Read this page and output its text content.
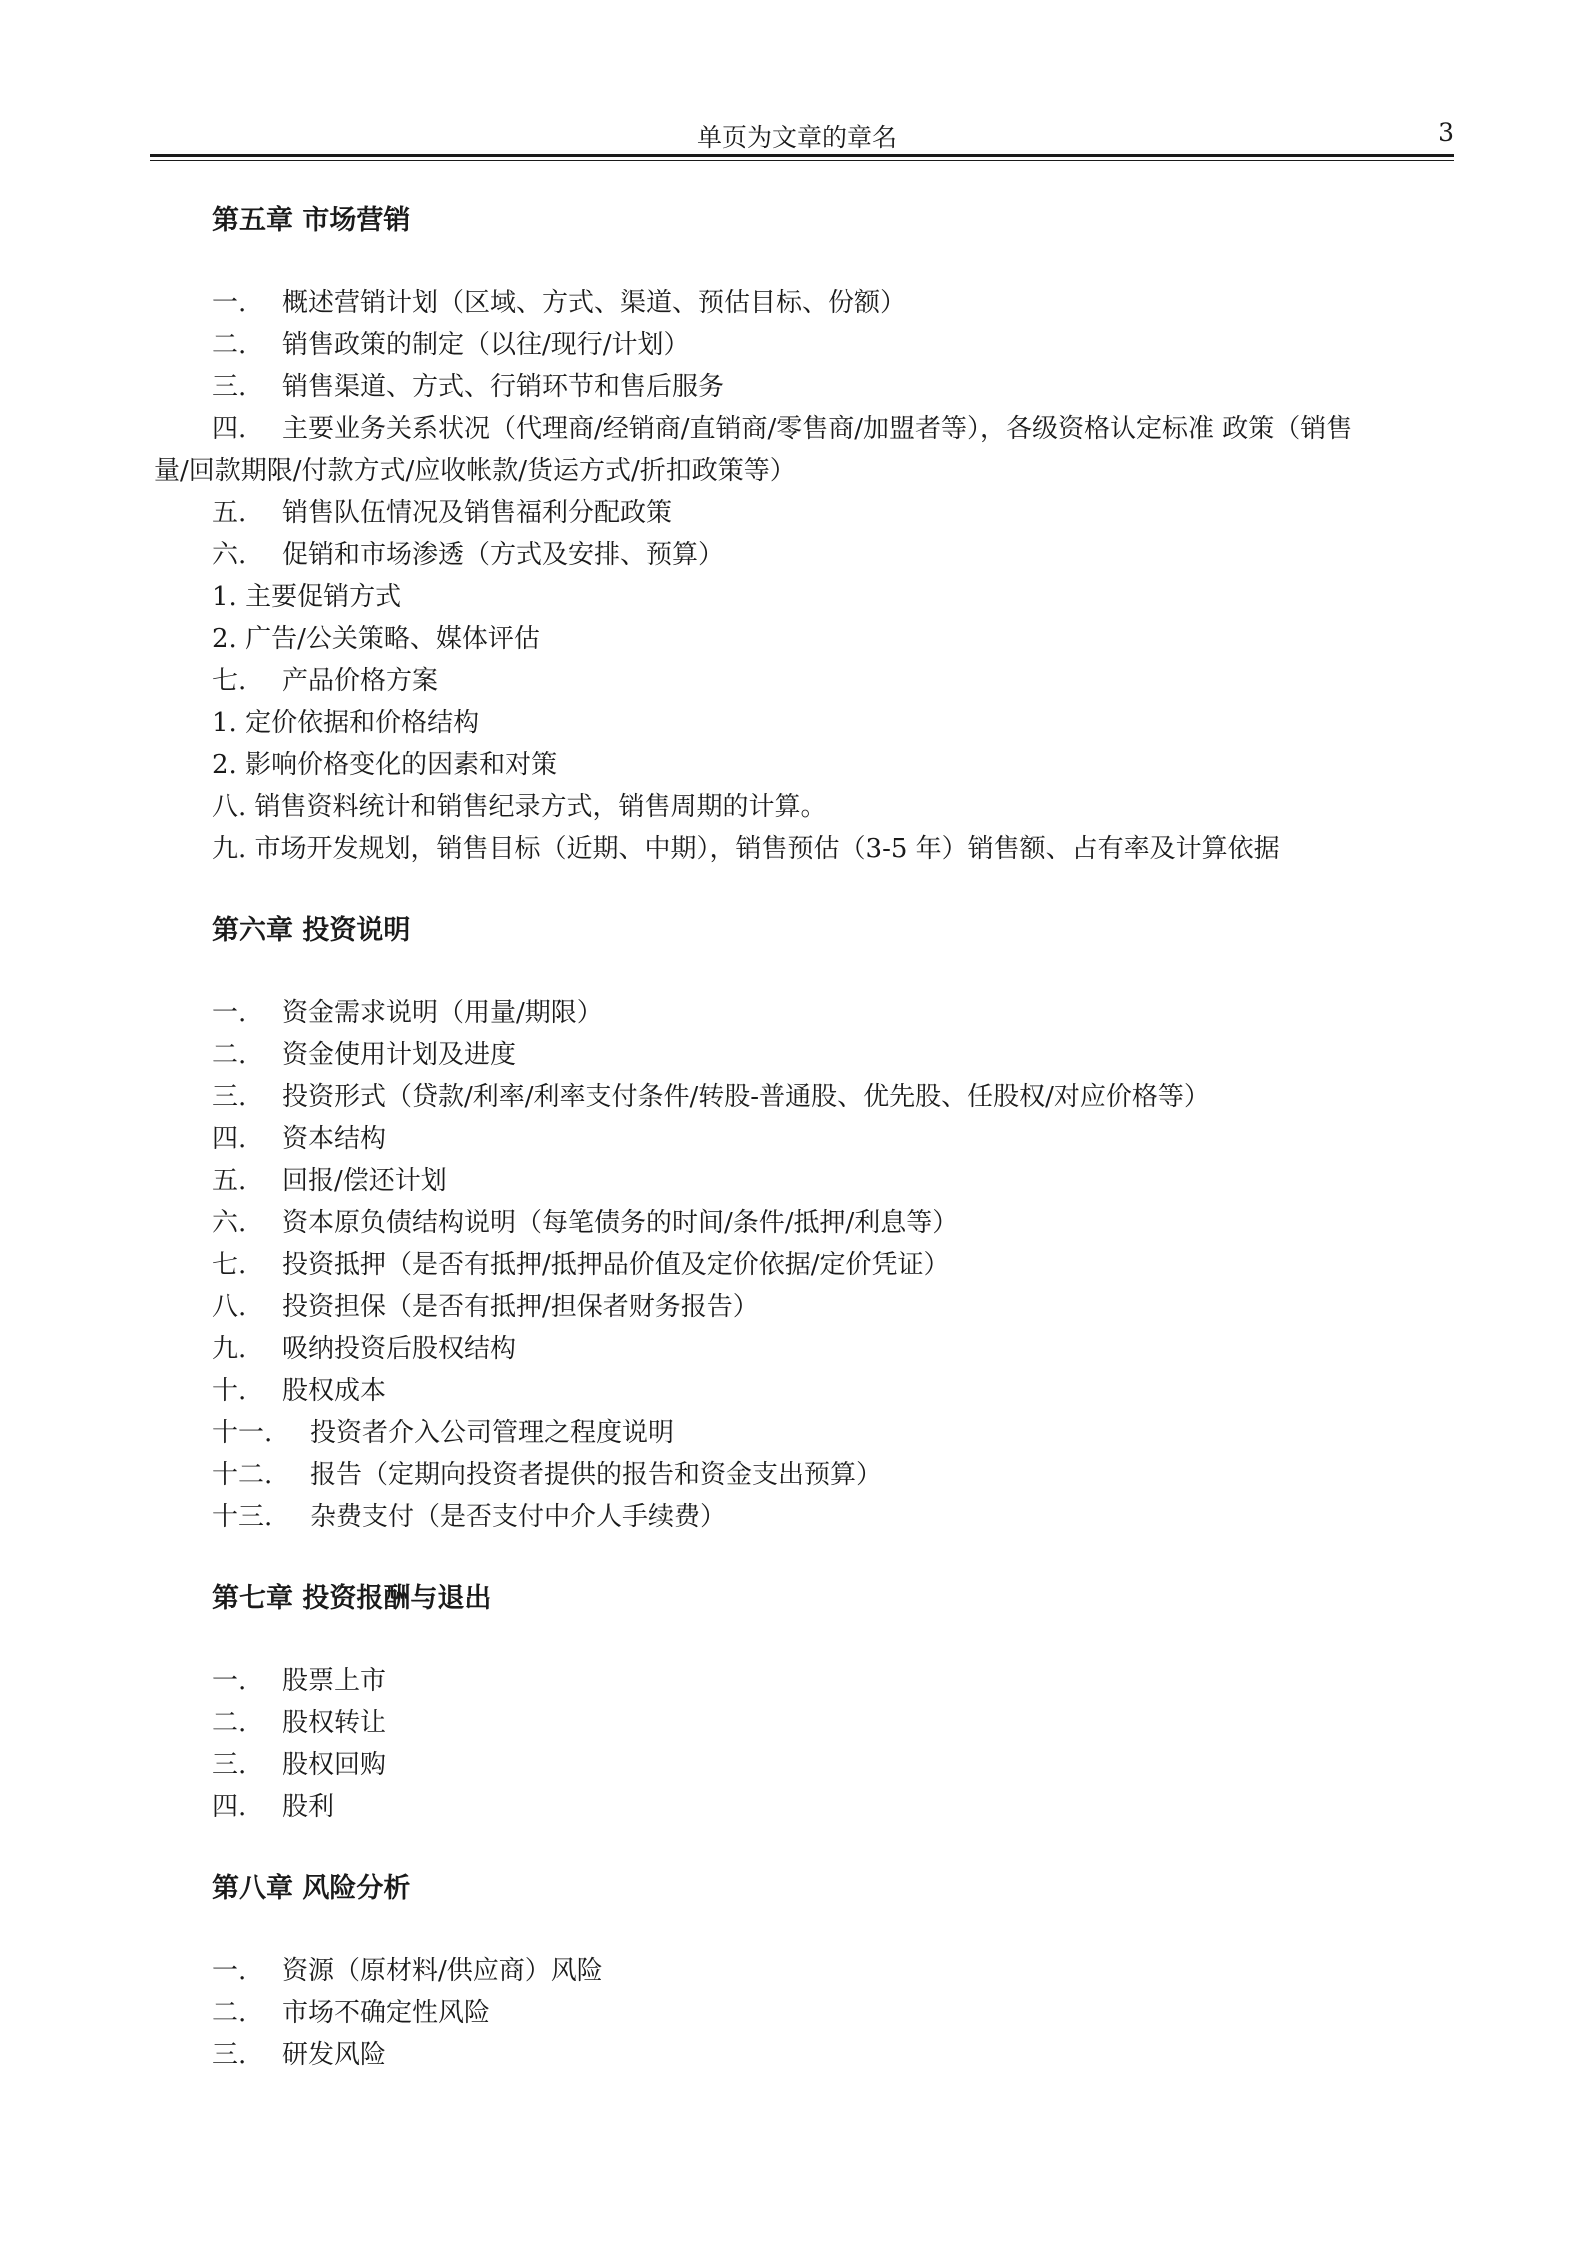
单页为文章的章名	3
第五章 市场营销
一.	概述营销计划（区域、方式、渠道、预估目标、份额）
二.	销售政策的制定（以往/现行/计划）
三.	销售渠道、方式、行销环节和售后服务
四.	主要业务关系状况（代理商/经销商/直销商/零售商/加盟者等），各级资格认定标准 政策（销售
量/回款期限/付款方式/应收帐款/货运方式/折扣政策等）
五.	销售队伍情况及销售福利分配政策
六.	促销和市场渗透（方式及安排、预算）
1. 主要促销方式
2. 广告/公关策略、媒体评估
七.	产品价格方案
1. 定价依据和价格结构
2. 影响价格变化的因素和对策
八. 销售资料统计和销售纪录方式，销售周期的计算。
九. 市场开发规划，销售目标（近期、中期），销售预估（3-5 年）销售额、占有率及计算依据
第六章 投资说明
一.	资金需求说明（用量/期限）
二.	资金使用计划及进度
三.	投资形式（贷款/利率/利率支付条件/转股-普通股、优先股、任股权/对应价格等）
四.	资本结构
五.	回报/偿还计划
六.	资本原负债结构说明（每笔债务的时间/条件/抵押/利息等）
七.	投资抵押（是否有抵押/抵押品价值及定价依据/定价凭证）
八.	投资担保（是否有抵押/担保者财务报告）
九.	吸纳投资后股权结构
十.	股权成本
十一.	投资者介入公司管理之程度说明
十二.	报告（定期向投资者提供的报告和资金支出预算）
十三.	杂费支付（是否支付中介人手续费）
第七章 投资报酬与退出
一.	股票上市
二.	股权转让
三.	股权回购
四.	股利
第八章 风险分析
一.	资源（原材料/供应商）风险
二.	市场不确定性风险
三.	研发风险
